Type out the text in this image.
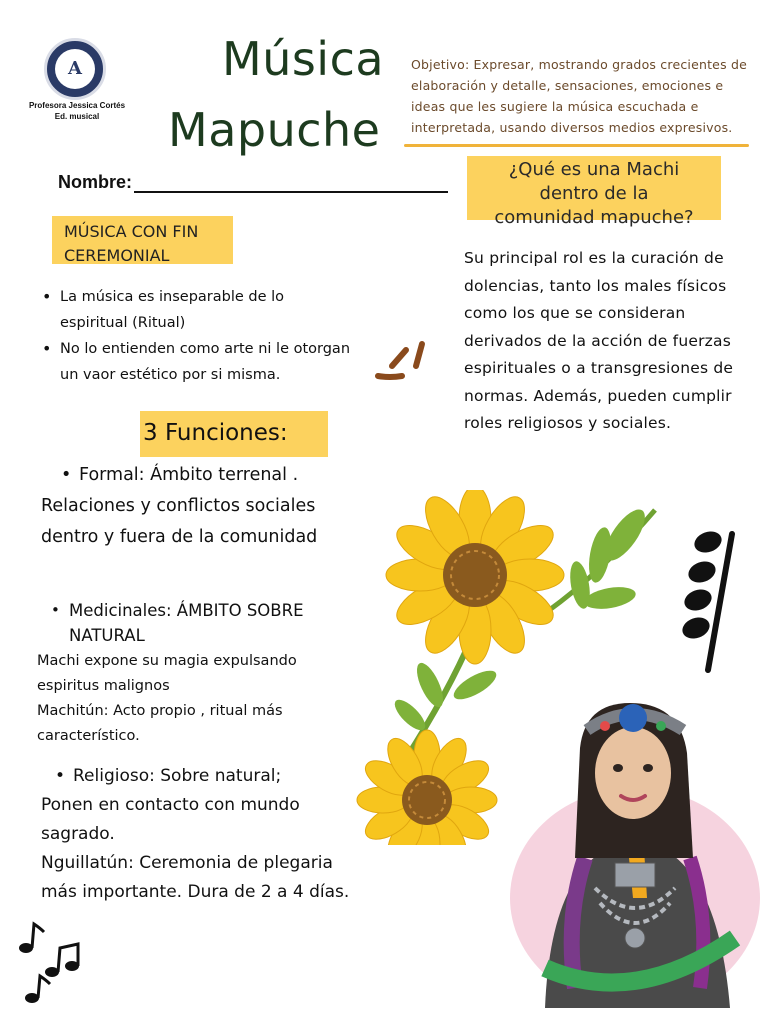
A
Profesora Jessica Cortés
Ed. musical
Música
Mapuche
Objetivo: Expresar, mostrando grados crecientes de elaboración y detalle, sensaciones, emociones e ideas que les sugiere la música escuchada e interpretada, usando diversos medios expresivos.
Nombre:
¿Qué es una Machi
dentro de la
comunidad mapuche?
MÚSICA CON FIN
CEREMONIAL	Su principal rol es la curación de dolencias, tanto los males físicos como los que se consideran derivados de la acción de fuerzas espirituales o a transgresiones de normas. Además, pueden cumplir roles religiosos y sociales.
• La música es inseparable de lo espiritual (Ritual)
• No lo entienden como arte ni le otorgan un vaor estético por si misma.
3 Funciones:
• Formal: Ámbito terrenal .
Relaciones y conflictos sociales dentro y fuera de la comunidad
• Medicinales: ÁMBITO SOBRE NATURAL
Machi expone su magia expulsando espiritus malignos
Machitún: Acto propio , ritual más característico.
• Religioso: Sobre natural;
Ponen en contacto con mundo sagrado.
Nguillatún: Ceremonia de plegaria más importante. Dura de 2 a 4 días.
